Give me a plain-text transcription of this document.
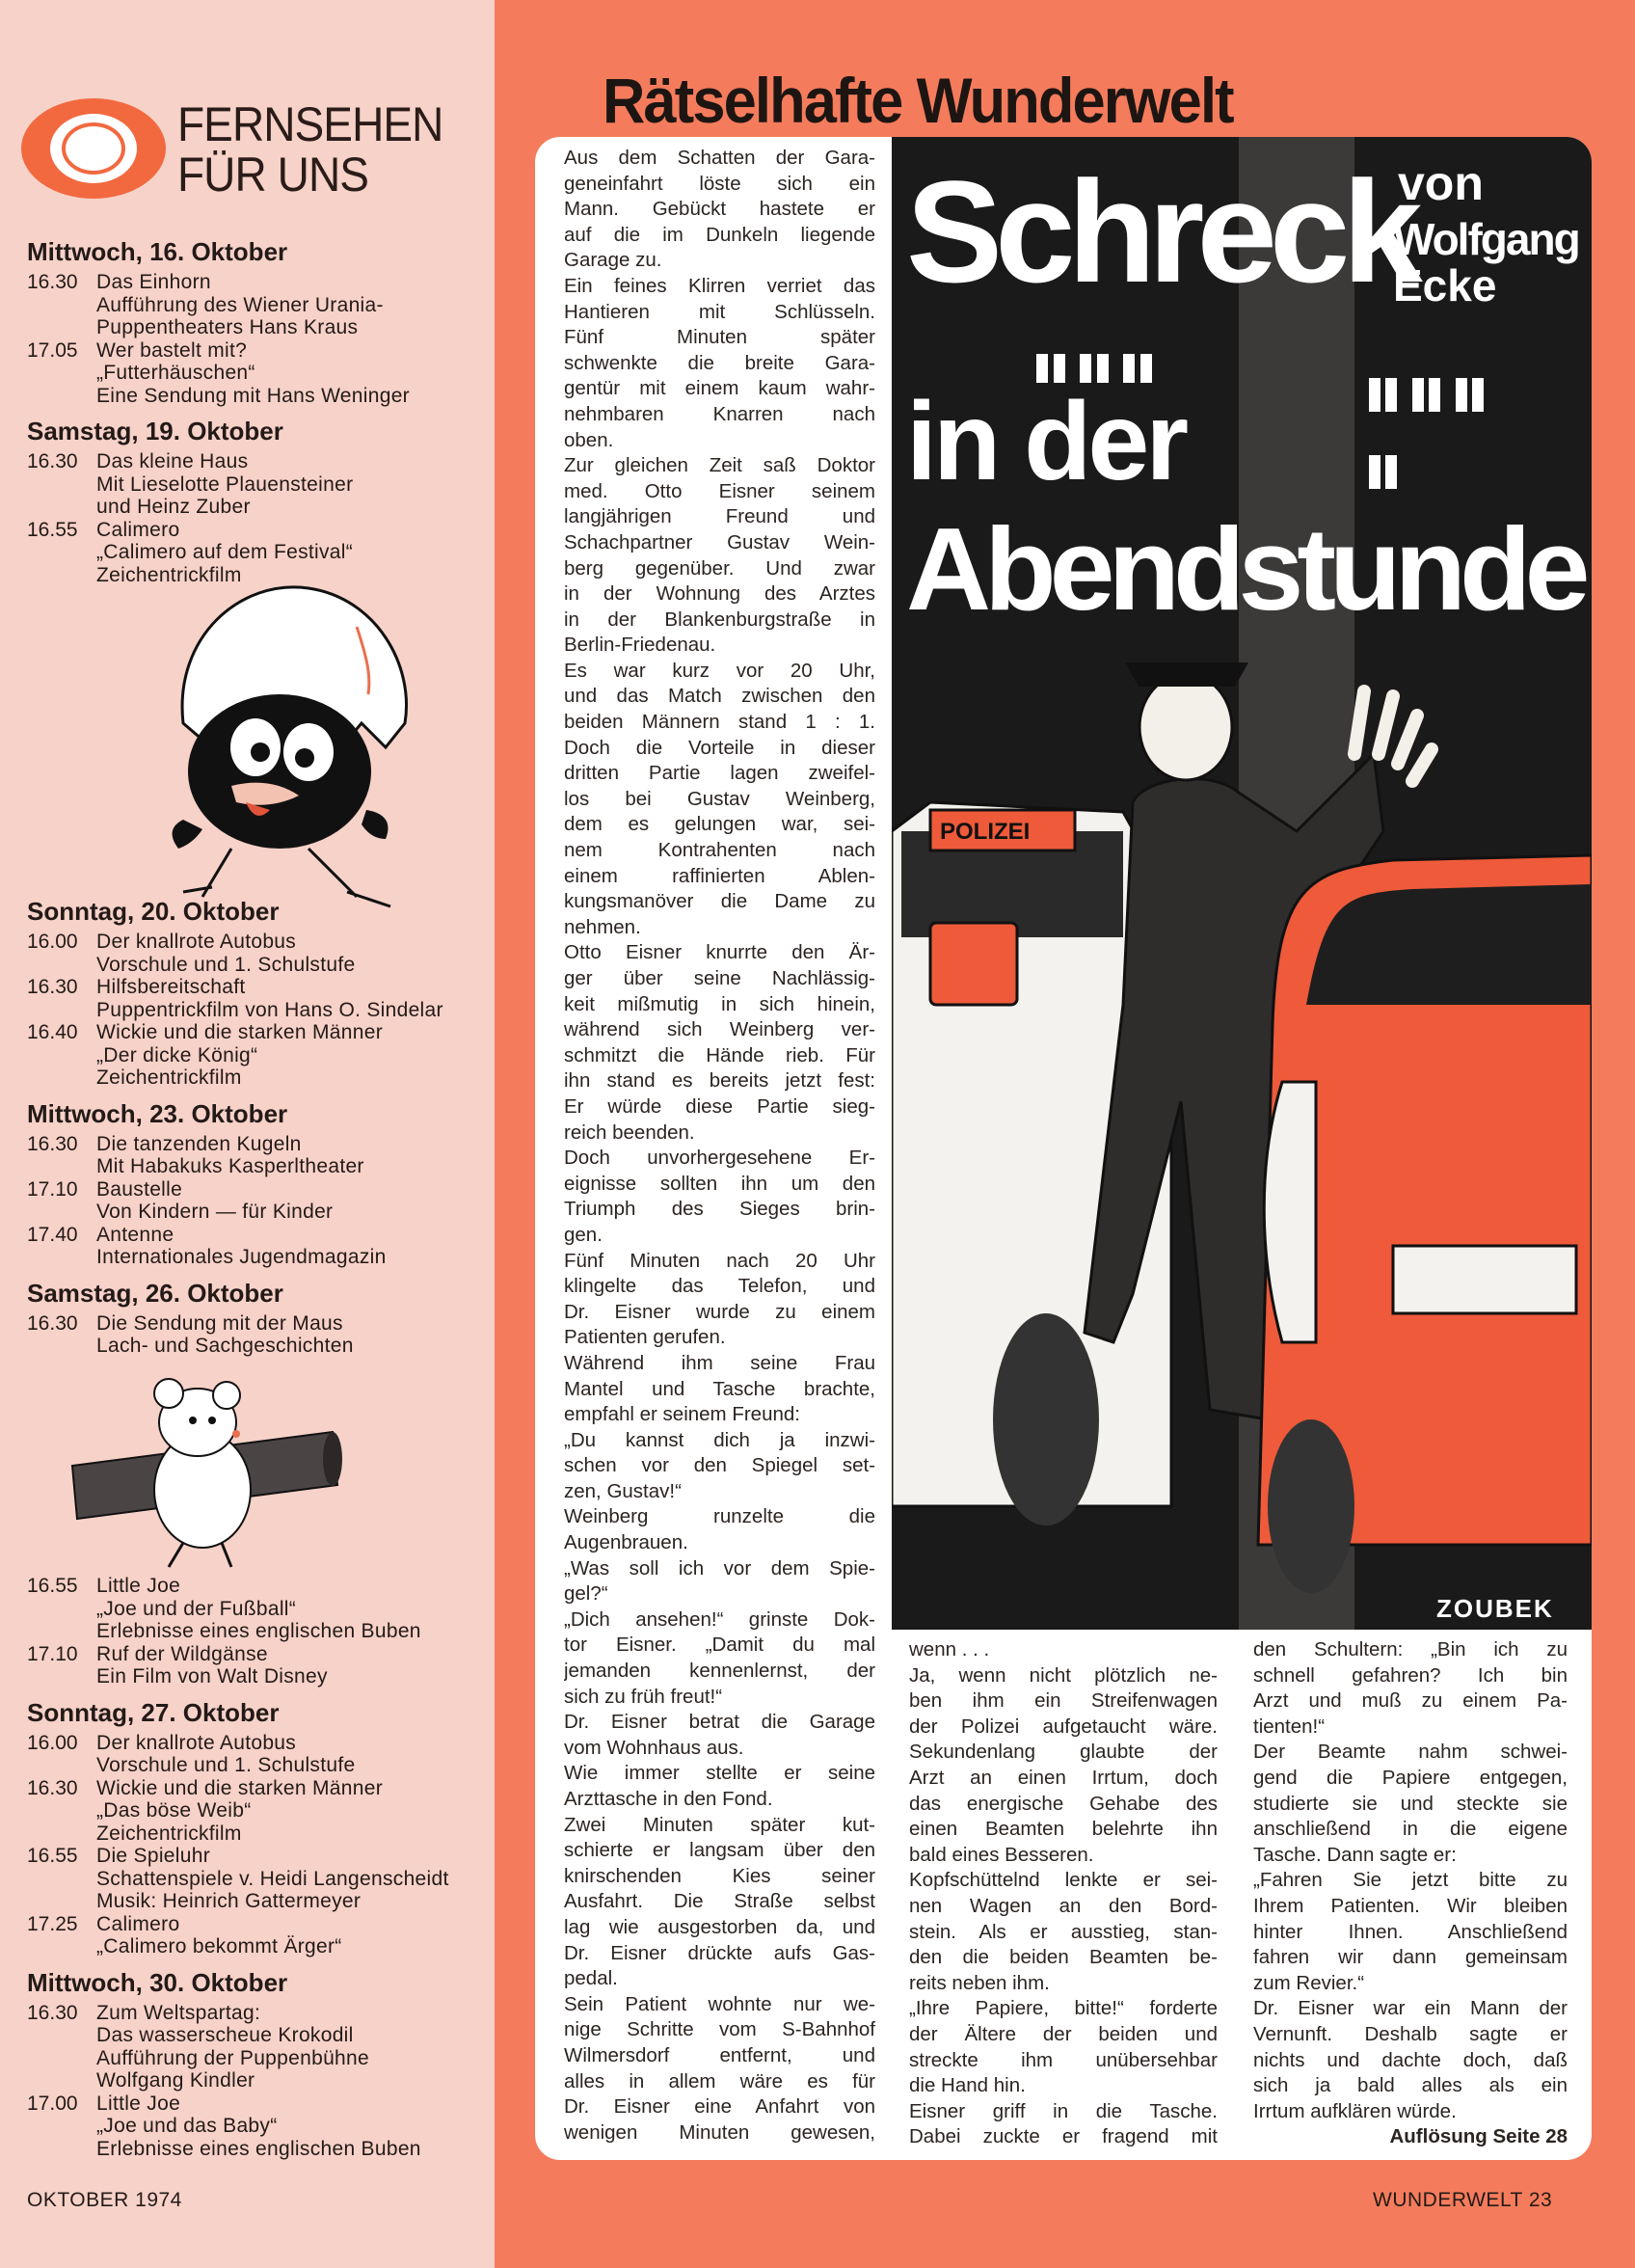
FERNSEHEN
FÜR UNS
Mittwoch, 16. Oktober
16.30 Das Einhorn
Aufführung des Wiener Urania-
Puppentheaters Hans Kraus
17.05 Wer bastelt mit?
„Futterhäuschen“
Eine Sendung mit Hans Weninger
Samstag, 19. Oktober
16.30 Das kleine Haus
Mit Lieselotte Plauensteiner
und Heinz Zuber
16.55 Calimero
„Calimero auf dem Festival“
Zeichentrickfilm
Sonntag, 20. Oktober
16.00 Der knallrote Autobus
Vorschule und 1. Schulstufe
16.30 Hilfsbereitschaft
Puppentrickfilm von Hans O. Sindelar
16.40 Wickie und die starken Männer
„Der dicke König“
Zeichentrickfilm
Mittwoch, 23. Oktober
16.30 Die tanzenden Kugeln
Mit Habakuks Kasperltheater
17.10 Baustelle
Von Kindern — für Kinder
17.40 Antenne
Internationales Jugendmagazin
Samstag, 26. Oktober
16.30 Die Sendung mit der Maus
Lach- und Sachgeschichten
16.55 Little Joe
„Joe und der Fußball“
Erlebnisse eines englischen Buben
17.10 Ruf der Wildgänse
Ein Film von Walt Disney
Sonntag, 27. Oktober
16.00 Der knallrote Autobus
Vorschule und 1. Schulstufe
16.30 Wickie und die starken Männer
„Das böse Weib“
Zeichentrickfilm
16.55 Die Spieluhr
Schattenspiele v. Heidi Langenscheidt
Musik: Heinrich Gattermeyer
17.25 Calimero
„Calimero bekommt Ärger“
Mittwoch, 30. Oktober
16.30 Zum Weltspartag:
Das wasserscheue Krokodil
Aufführung der Puppenbühne
Wolfgang Kindler
17.00 Little Joe
„Joe und das Baby“
Erlebnisse eines englischen Buben
OKTOBER 1974
Rätselhafte Wunderwelt
Aus dem Schatten der Gara-
geneinfahrt löste sich ein
Mann. Gebückt hastete er
auf die im Dunkeln liegende
Garage zu.
Ein feines Klirren verriet das
Hantieren mit Schlüsseln.
Fünf Minuten später
schwenkte die breite Gara-
gentür mit einem kaum wahr-
nehmbaren Knarren nach
oben.
Zur gleichen Zeit saß Doktor
med. Otto Eisner seinem
langjährigen Freund und
Schachpartner Gustav Wein-
berg gegenüber. Und zwar
in der Wohnung des Arztes
in der Blankenburgstraße in
Berlin-Friedenau.
Es war kurz vor 20 Uhr,
und das Match zwischen den
beiden Männern stand 1 : 1.
Doch die Vorteile in dieser
dritten Partie lagen zweifel-
los bei Gustav Weinberg,
dem es gelungen war, sei-
nem Kontrahenten nach
einem raffinierten Ablen-
kungsmanöver die Dame zu
nehmen.
Otto Eisner knurrte den Är-
ger über seine Nachlässig-
keit mißmutig in sich hinein,
während sich Weinberg ver-
schmitzt die Hände rieb. Für
ihn stand es bereits jetzt fest:
Er würde diese Partie sieg-
reich beenden.
Doch unvorhergesehene Er-
eignisse sollten ihn um den
Triumph des Sieges brin-
gen.
Fünf Minuten nach 20 Uhr
klingelte das Telefon, und
Dr. Eisner wurde zu einem
Patienten gerufen.
Während ihm seine Frau
Mantel und Tasche brachte,
empfahl er seinem Freund:
„Du kannst dich ja inzwi-
schen vor den Spiegel set-
zen, Gustav!“
Weinberg runzelte die
Augenbrauen.
„Was soll ich vor dem Spie-
gel?“
„Dich ansehen!“ grinste Dok-
tor Eisner. „Damit du mal
jemanden kennenlernst, der
sich zu früh freut!“
Dr. Eisner betrat die Garage
vom Wohnhaus aus.
Wie immer stellte er seine
Arzttasche in den Fond.
Zwei Minuten später kut-
schierte er langsam über den
knirschenden Kies seiner
Ausfahrt. Die Straße selbst
lag wie ausgestorben da, und
Dr. Eisner drückte aufs Gas-
pedal.
Sein Patient wohnte nur we-
nige Schritte vom S-Bahnhof
Wilmersdorf entfernt, und
alles in allem wäre es für
Dr. Eisner eine Anfahrt von
wenigen Minuten gewesen,
Schreck
von
Wolfgang
Ecke
in der
Abendstunde
POLIZEI
ZOUBEK
wenn . . .
Ja, wenn nicht plötzlich ne-
ben ihm ein Streifenwagen
der Polizei aufgetaucht wäre.
Sekundenlang glaubte der
Arzt an einen Irrtum, doch
das energische Gehabe des
einen Beamten belehrte ihn
bald eines Besseren.
Kopfschüttelnd lenkte er sei-
nen Wagen an den Bord-
stein. Als er ausstieg, stan-
den die beiden Beamten be-
reits neben ihm.
„Ihre Papiere, bitte!“ forderte
der Ältere der beiden und
streckte ihm unübersehbar
die Hand hin.
Eisner griff in die Tasche.
Dabei zuckte er fragend mit
den Schultern: „Bin ich zu
schnell gefahren? Ich bin
Arzt und muß zu einem Pa-
tienten!“
Der Beamte nahm schwei-
gend die Papiere entgegen,
studierte sie und steckte sie
anschließend in die eigene
Tasche. Dann sagte er:
„Fahren Sie jetzt bitte zu
Ihrem Patienten. Wir bleiben
hinter Ihnen. Anschließend
fahren wir dann gemeinsam
zum Revier.“
Dr. Eisner war ein Mann der
Vernunft. Deshalb sagte er
nichts und dachte doch, daß
sich ja bald alles als ein
Irrtum aufklären würde.
Auflösung Seite 28
WUNDERWELT 23
